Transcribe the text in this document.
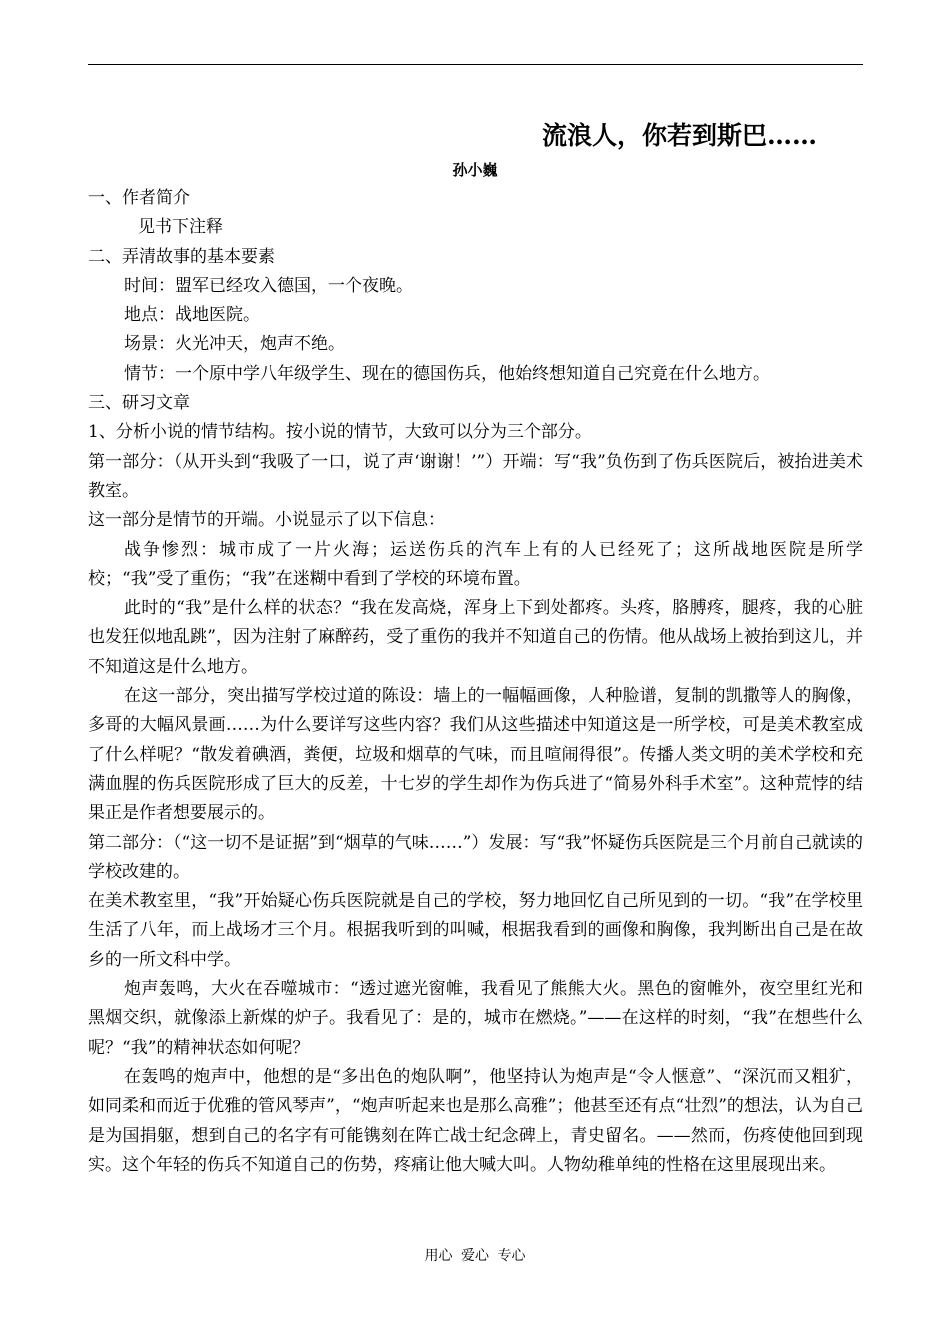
流浪人，你若到斯巴……
孙小巍

一、作者简介

见书下注释

二、弄清故事的基本要素

时间：盟军已经攻入德国，一个夜晚。

地点：战地医院。

场景：火光冲天，炮声不绝。

情节：一个原中学八年级学生、现在的德国伤兵，他始终想知道自己究竟在什么地方。

三、研习文章

1、分析小说的情节结构。按小说的情节，大致可以分为三个部分。

第一部分：（从开头到“我吸了一口，说了声‘谢谢！’”）开端：写“我”负伤到了伤兵医院后，被抬进美术教室。

这一部分是情节的开端。小说显示了以下信息：

战争惨烈：城市成了一片火海；运送伤兵的汽车上有的人已经死了；这所战地医院是所学校；“我”受了重伤；“我”在迷糊中看到了学校的环境布置。

此时的“我”是什么样的状态？“我在发高烧，浑身上下到处都疼。头疼，胳膊疼，腿疼，我的心脏也发狂似地乱跳”，因为注射了麻醉药，受了重伤的我并不知道自己的伤情。他从战场上被抬到这儿，并不知道这是什么地方。

在这一部分，突出描写学校过道的陈设：墙上的一幅幅画像，人种脸谱，复制的凯撒等人的胸像，多哥的大幅风景画……为什么要详写这些内容？我们从这些描述中知道这是一所学校，可是美术教室成了什么样呢？“散发着碘酒，粪便，垃圾和烟草的气味，而且喧闹得很”。传播人类文明的美术学校和充满血腥的伤兵医院形成了巨大的反差，十七岁的学生却作为伤兵进了“简易外科手术室”。这种荒悖的结果正是作者想要展示的。

第二部分：（“这一切不是证据”到“烟草的气味……”）发展：写“我”怀疑伤兵医院是三个月前自己就读的学校改建的。

在美术教室里，“我”开始疑心伤兵医院就是自己的学校，努力地回忆自己所见到的一切。“我”在学校里生活了八年，而上战场才三个月。根据我听到的叫喊，根据我看到的画像和胸像，我判断出自己是在故乡的一所文科中学。

炮声轰鸣，大火在吞噬城市：“透过遮光窗帷，我看见了熊熊大火。黑色的窗帷外，夜空里红光和黑烟交织，就像添上新煤的炉子。我看见了：是的，城市在燃烧。”——在这样的时刻，“我”在想些什么呢？“我”的精神状态如何呢？

在轰鸣的炮声中，他想的是“多出色的炮队啊”，他坚持认为炮声是“令人惬意”、“深沉而又粗犷，如同柔和而近于优雅的管风琴声”，“炮声听起来也是那么高雅”；他甚至还有点“壮烈”的想法，认为自己是为国捐躯，想到自己的名字有可能镌刻在阵亡战士纪念碑上，青史留名。——然而，伤疼使他回到现实。这个年轻的伤兵不知道自己的伤势，疼痛让他大喊大叫。人物幼稚单纯的性格在这里展现出来。

用心 爱心 专心
